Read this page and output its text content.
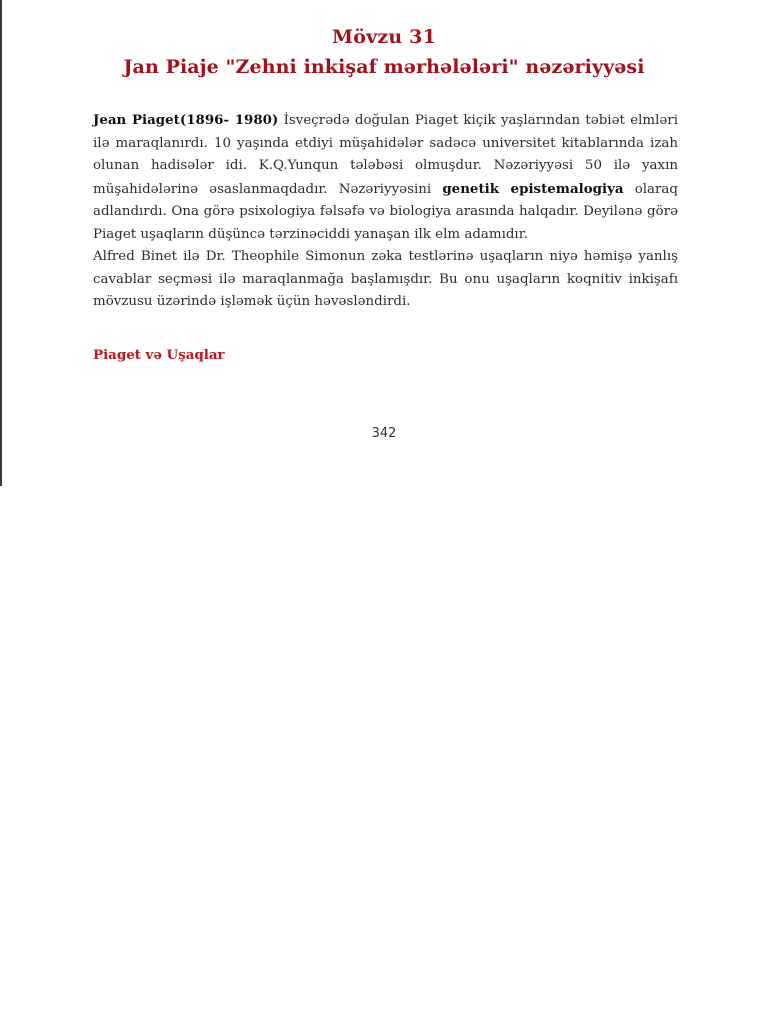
Mövzu 31
Jan Piaje "Zehni inkişaf mərhələləri" nəzəriyyəsi

Jean Piaget(1896- 1980) İsveçrədə doğulan Piaget kiçik yaşlarından təbiət elmləri ilə maraqlanırdı. 10 yaşında etdiyi müşahidələr sadəcə universitet kitablarında izah olunan hadisələr idi. K.Q.Yunqun tələbəsi olmuşdur. Nəzəriyyəsi 50 ilə yaxın müşahidələrinə əsaslanmaqdadır. Nəzəriyyəsini genetik epistemalogiya olaraq adlandırdı. Ona görə psixologiya fəlsəfə və biologiya arasında halqadır. Deyilənə görə Piaget uşaqların düşüncə tərzinəciddi yanaşan ilk elm adamıdır.

Alfred Binet ilə Dr. Theophile Simonun zəka testlərinə uşaqların niyə həmişə yanlış cavablar seçməsi ilə maraqlanmağa başlamışdır. Bu onu uşaqların koqnitiv inkişafı mövzusu üzərində işləmək üçün həvəsləndirdi.

Piaget və Uşaqlar
342
